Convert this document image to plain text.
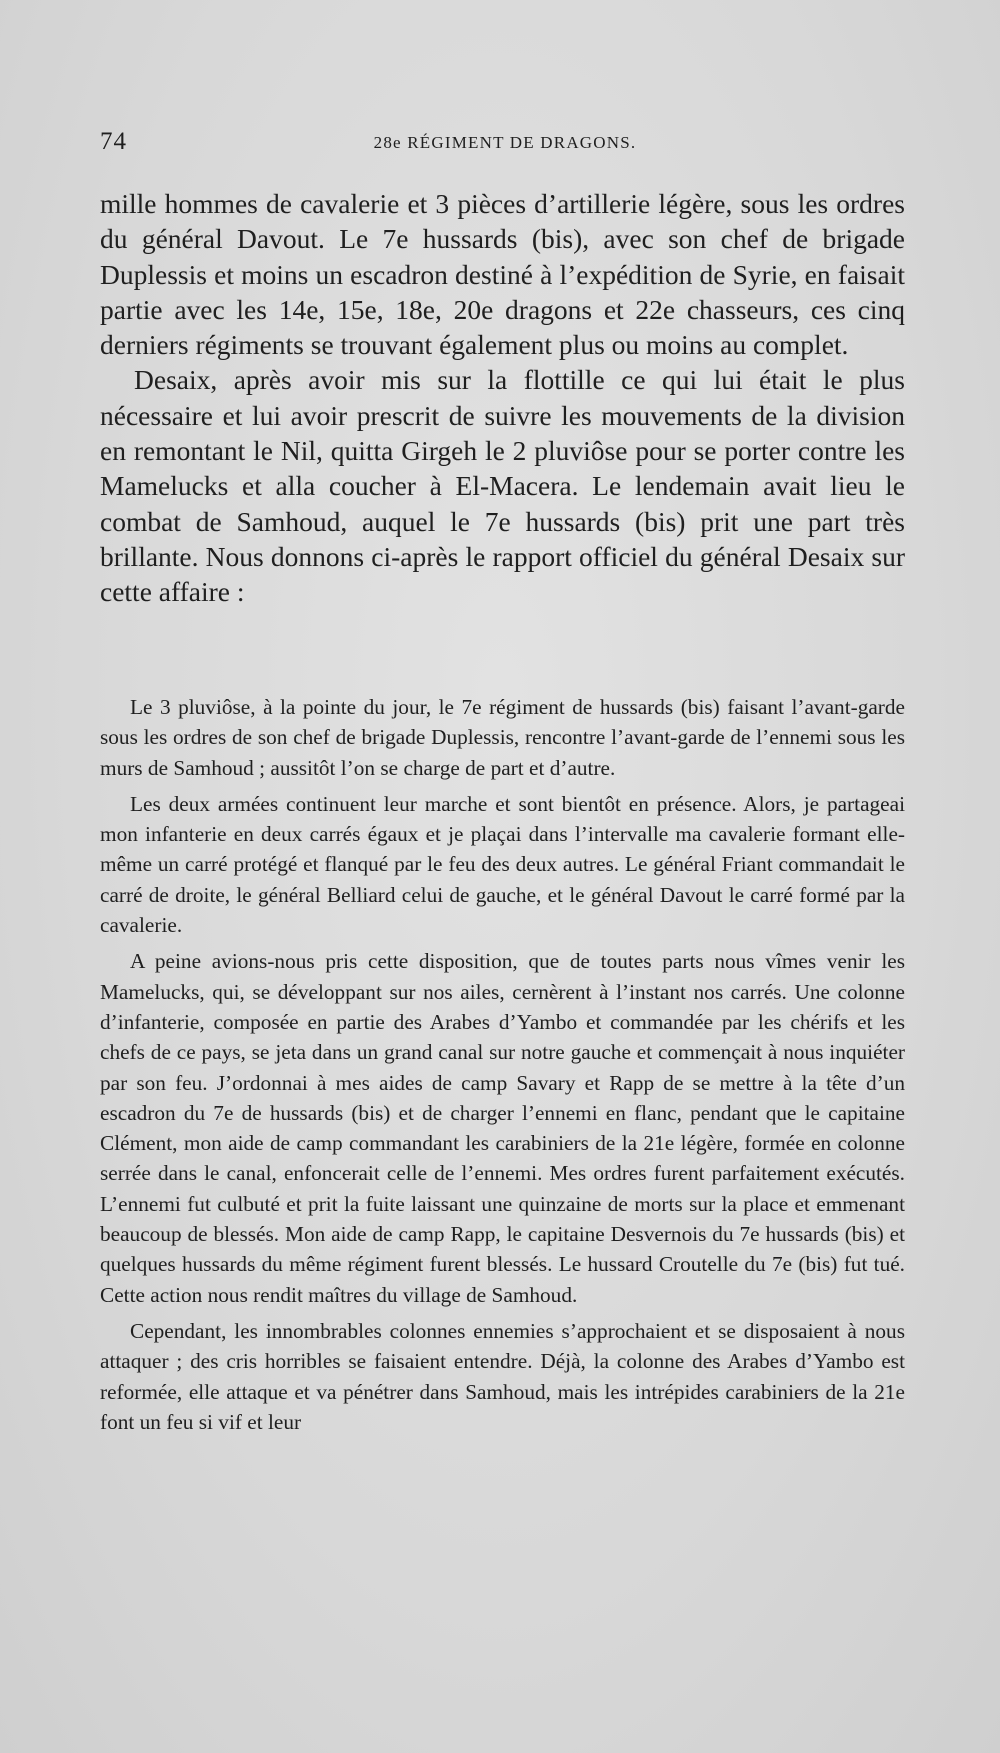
74	28e RÉGIMENT DE DRAGONS.

mille hommes de cavalerie et 3 pièces d’artillerie légère, sous les ordres du général Davout. Le 7e hussards (bis), avec son chef de brigade Duplessis et moins un escadron destiné à l’expédition de Syrie, en faisait partie avec les 14e, 15e, 18e, 20e dragons et 22e chasseurs, ces cinq derniers régiments se trouvant également plus ou moins au complet.

Desaix, après avoir mis sur la flottille ce qui lui était le plus nécessaire et lui avoir prescrit de suivre les mouvements de la division en remontant le Nil, quitta Girgeh le 2 pluviôse pour se porter contre les Mamelucks et alla coucher à El-Macera. Le lendemain avait lieu le combat de Samhoud, auquel le 7e hussards (bis) prit une part très brillante. Nous donnons ci-après le rapport officiel du général Desaix sur cette affaire :

Le 3 pluviôse, à la pointe du jour, le 7e régiment de hussards (bis) faisant l’avant-garde sous les ordres de son chef de brigade Duplessis, rencontre l’avant-garde de l’ennemi sous les murs de Samhoud ; aussitôt l’on se charge de part et d’autre.

Les deux armées continuent leur marche et sont bientôt en présence. Alors, je partageai mon infanterie en deux carrés égaux et je plaçai dans l’intervalle ma cavalerie formant elle-même un carré protégé et flanqué par le feu des deux autres. Le général Friant commandait le carré de droite, le général Belliard celui de gauche, et le général Davout le carré formé par la cavalerie.

A peine avions-nous pris cette disposition, que de toutes parts nous vîmes venir les Mamelucks, qui, se développant sur nos ailes, cernèrent à l’instant nos carrés. Une colonne d’infanterie, composée en partie des Arabes d’Yambo et commandée par les chérifs et les chefs de ce pays, se jeta dans un grand canal sur notre gauche et commençait à nous inquiéter par son feu. J’ordonnai à mes aides de camp Savary et Rapp de se mettre à la tête d’un escadron du 7e de hussards (bis) et de charger l’ennemi en flanc, pendant que le capitaine Clément, mon aide de camp commandant les carabiniers de la 21e légère, formée en colonne serrée dans le canal, enfoncerait celle de l’ennemi. Mes ordres furent parfaitement exécutés. L’ennemi fut culbuté et prit la fuite laissant une quinzaine de morts sur la place et emmenant beaucoup de blessés. Mon aide de camp Rapp, le capitaine Desvernois du 7e hussards (bis) et quelques hussards du même régiment furent blessés. Le hussard Croutelle du 7e (bis) fut tué. Cette action nous rendit maîtres du village de Samhoud.

Cependant, les innombrables colonnes ennemies s’approchaient et se disposaient à nous attaquer ; des cris horribles se faisaient entendre. Déjà, la colonne des Arabes d’Yambo est reformée, elle attaque et va pénétrer dans Samhoud, mais les intrépides carabiniers de la 21e font un feu si vif et leur
